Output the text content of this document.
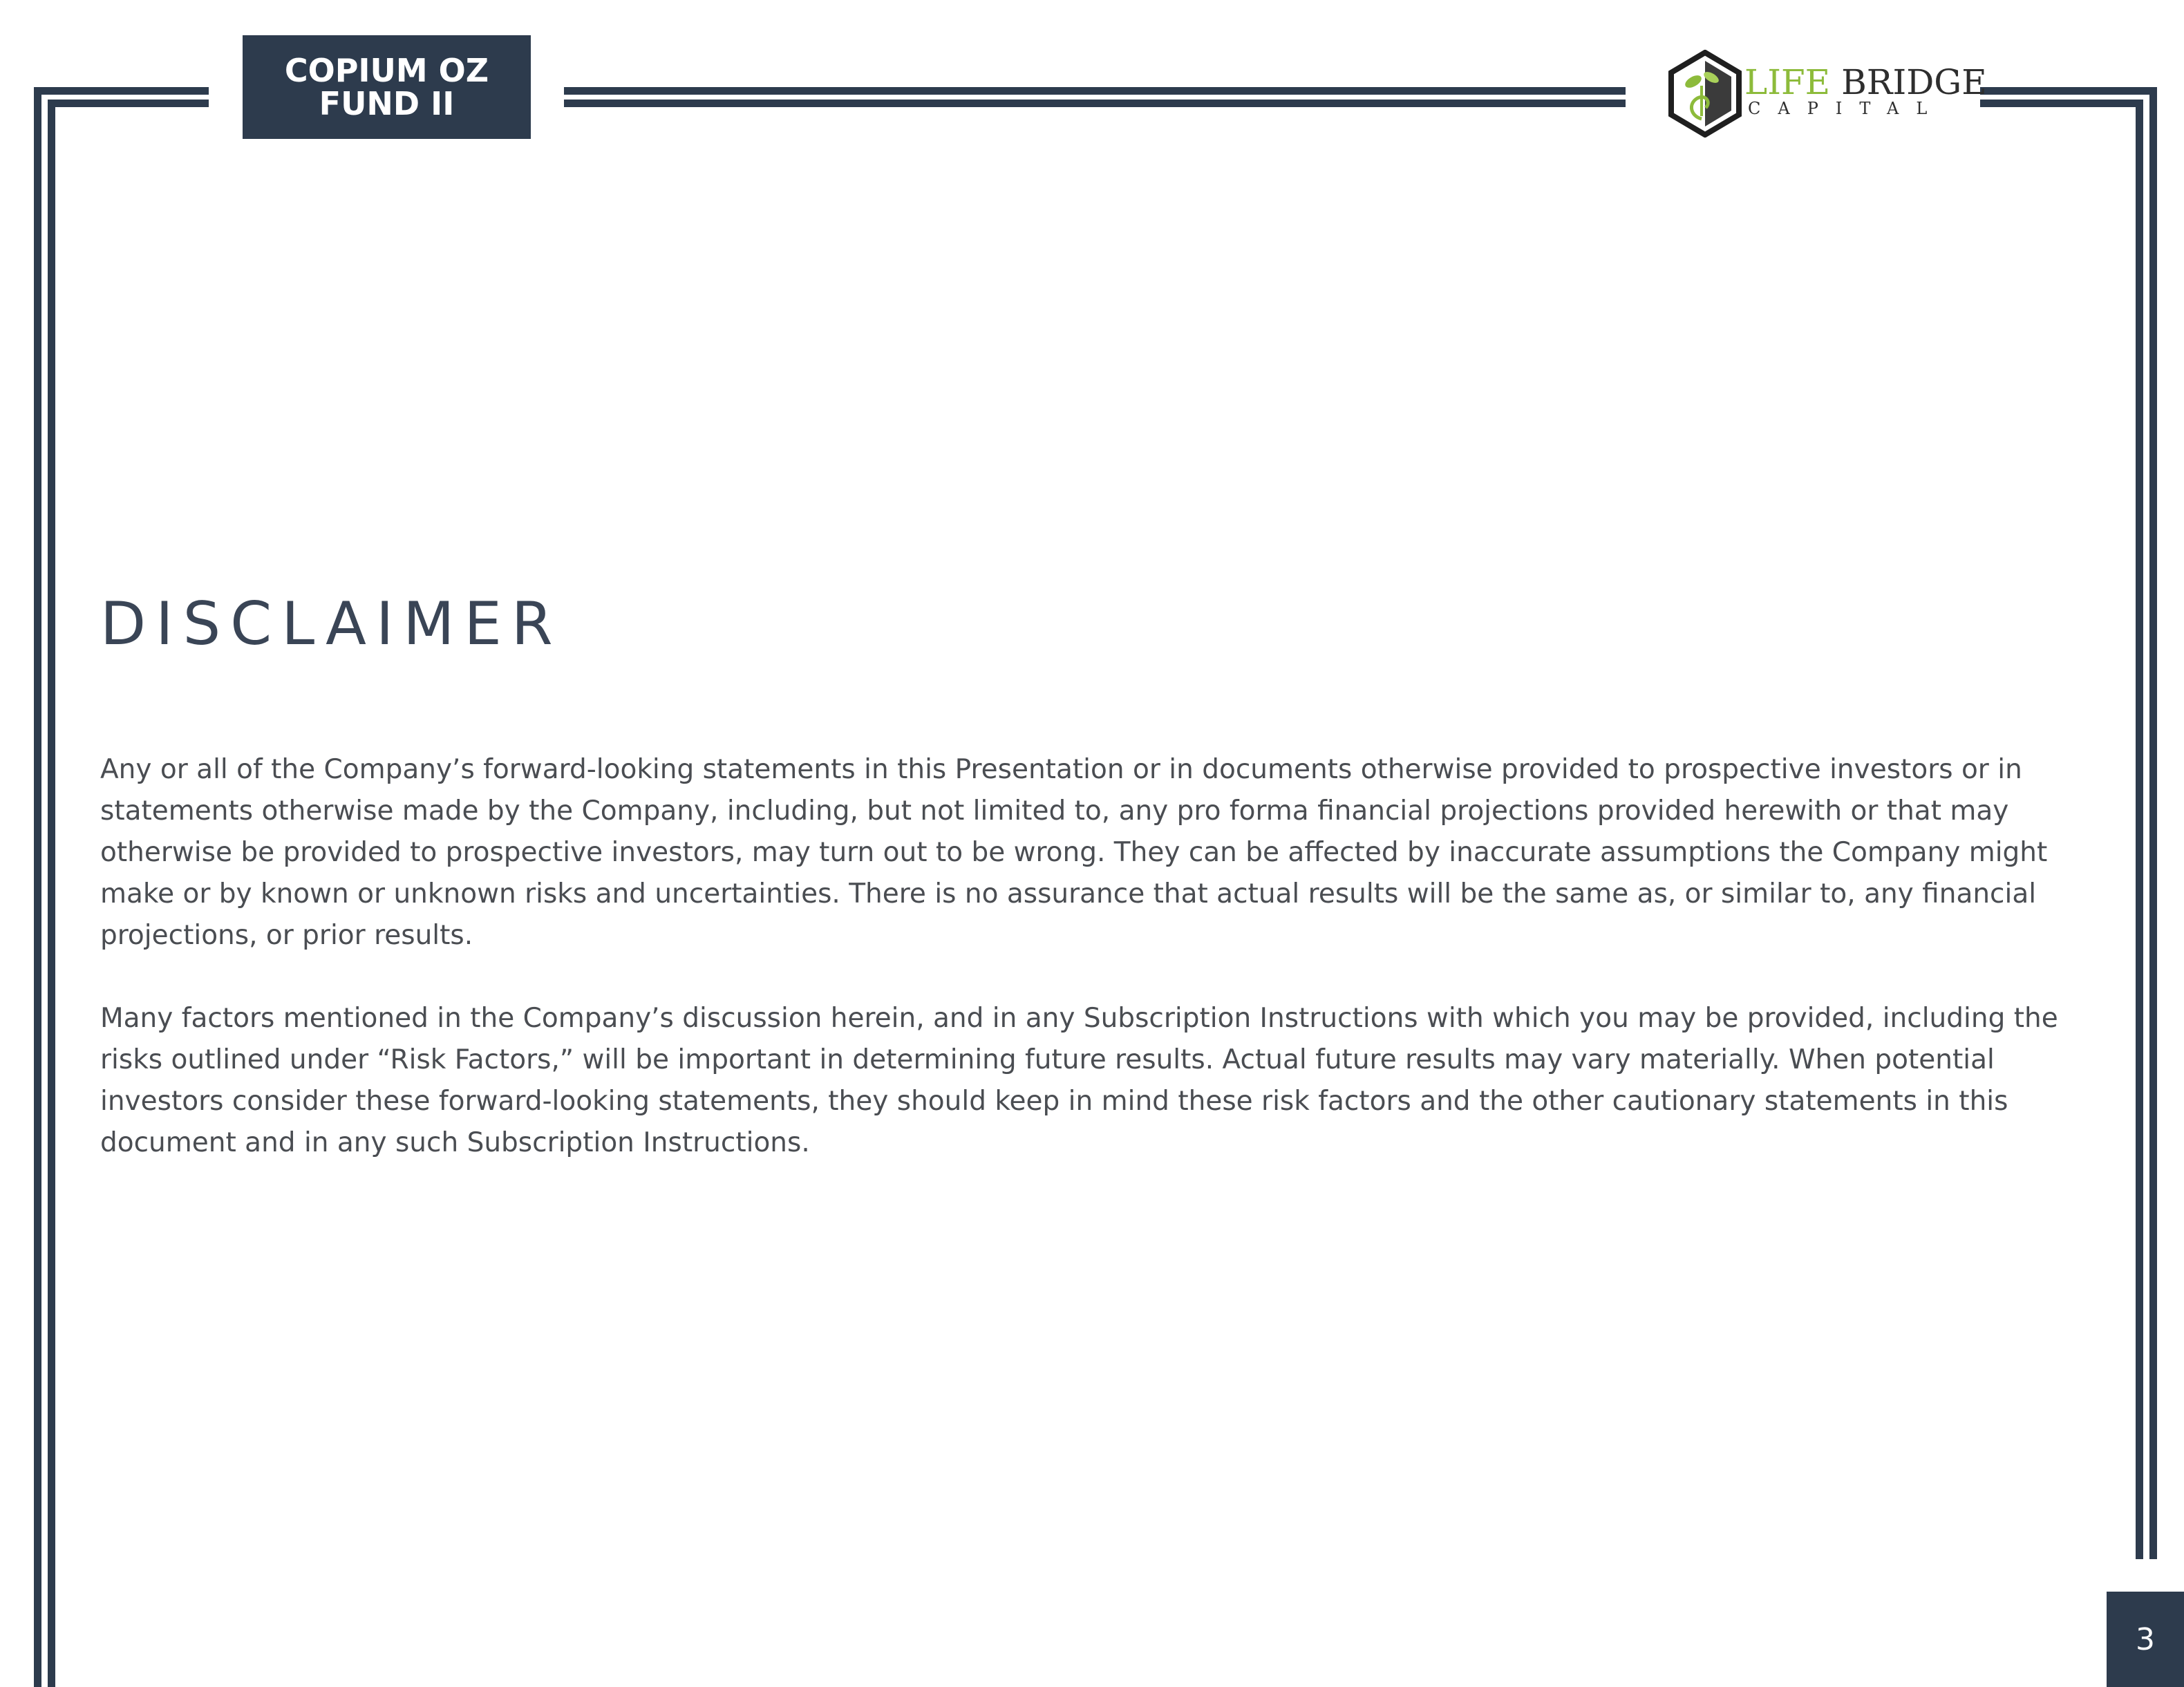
COPIUM OZ
FUND II
LIFE BRIDGE
CAPITAL
DISCLAIMER

Any or all of the Company’s forward-looking statements in this Presentation or in documents otherwise provided to prospective investors or in statements otherwise made by the Company, including, but not limited to, any pro forma financial projections provided herewith or that may otherwise be provided to prospective investors, may turn out to be wrong. They can be affected by inaccurate assumptions the Company might make or by known or unknown risks and uncertainties. There is no assurance that actual results will be the same as, or similar to, any financial projections, or prior results.

Many factors mentioned in the Company’s discussion herein, and in any Subscription Instructions with which you may be provided, including the risks outlined under “Risk Factors,” will be important in determining future results. Actual future results may vary materially. When potential investors consider these forward-looking statements, they should keep in mind these risk factors and the other cautionary statements in this document and in any such Subscription Instructions.

3
